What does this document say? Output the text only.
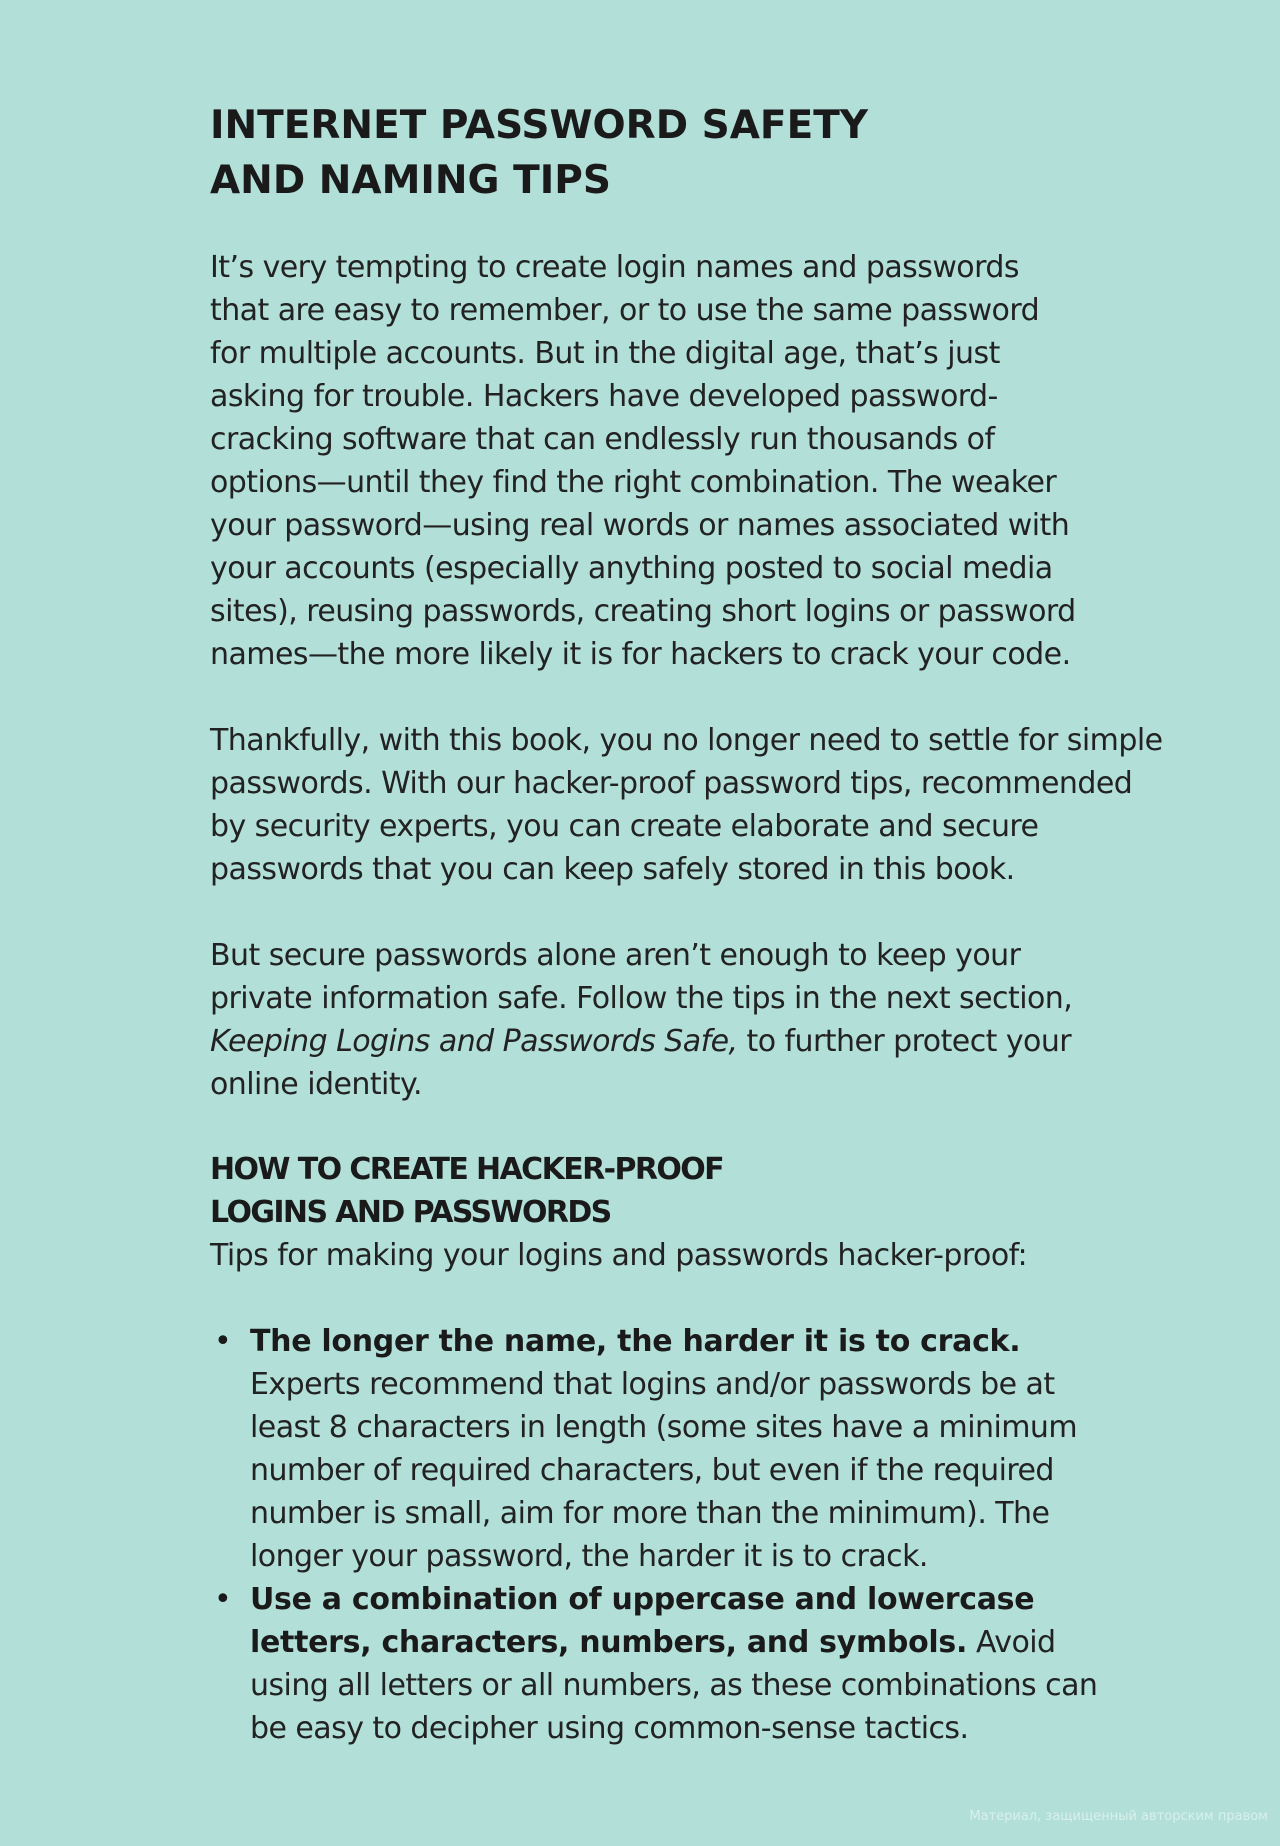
INTERNET PASSWORD SAFETY
AND NAMING TIPS

It’s very tempting to create login names and passwords
that are easy to remember, or to use the same password
for multiple accounts. But in the digital age, that’s just
asking for trouble. Hackers have developed password-
cracking software that can endlessly run thousands of
options—until they find the right combination. The weaker
your password—using real words or names associated with
your accounts (especially anything posted to social media
sites), reusing passwords, creating short logins or password
names—the more likely it is for hackers to crack your code.

Thankfully, with this book, you no longer need to settle for simple
passwords. With our hacker-proof password tips, recommended
by security experts, you can create elaborate and secure
passwords that you can keep safely stored in this book.

But secure passwords alone aren’t enough to keep your
private information safe. Follow the tips in the next section,
Keeping Logins and Passwords Safe, to further protect your
online identity.

HOW TO CREATE HACKER-PROOF
LOGINS AND PASSWORDS

Tips for making your logins and passwords hacker-proof:

• The longer the name, the harder it is to crack.
Experts recommend that logins and/or passwords be at
least 8 characters in length (some sites have a minimum
number of required characters, but even if the required
number is small, aim for more than the minimum). The
longer your password, the harder it is to crack.
• Use a combination of uppercase and lowercase
letters, characters, numbers, and symbols. Avoid
using all letters or all numbers, as these combinations can
be easy to decipher using common-sense tactics.
Материал, защищенный авторским правом
